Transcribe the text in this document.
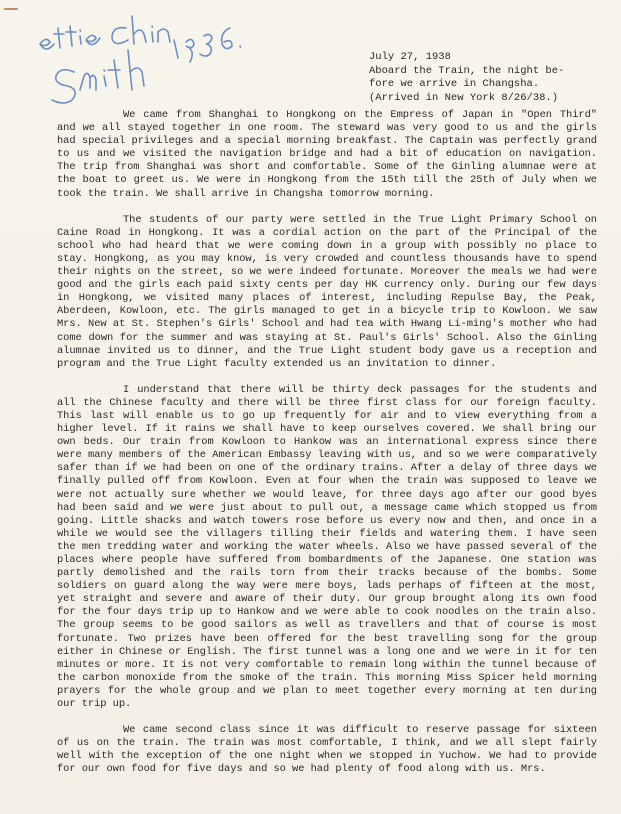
July 27, 1938
Aboard the Train, the night be-
fore we arrive in Changsha.
(Arrived in New York 8/26/38.)

We came from Shanghai to Hongkong on the Empress of Japan in "Open Third" and we all stayed together in one room. The steward was very good to us and the girls had special privileges and a special morning breakfast. The Captain was perfectly grand to us and we visited the navigation bridge and had a bit of education on navigation. The trip from Shanghai was short and comfortable. Some of the Ginling alumnae were at the boat to greet us. We were in Hongkong from the 15th till the 25th of July when we took the train. We shall arrive in Changsha tomorrow morning.

The students of our party were settled in the True Light Primary School on Caine Road in Hongkong. It was a cordial action on the part of the Principal of the school who had heard that we were coming down in a group with possibly no place to stay. Hongkong, as you may know, is very crowded and countless thousands have to spend their nights on the street, so we were indeed fortunate. Moreover the meals we had were good and the girls each paid sixty cents per day HK currency only. During our few days in Hongkong, we visited many places of interest, including Repulse Bay, the Peak, Aberdeen, Kowloon, etc. The girls managed to get in a bicycle trip to Kowloon. We saw Mrs. New at St. Stephen's Girls' School and had tea with Hwang Li-ming's mother who had come down for the summer and was staying at St. Paul's Girls' School. Also the Ginling alumnae invited us to dinner, and the True Light student body gave us a reception and program and the True Light faculty extended us an invitation to dinner.

I understand that there will be thirty deck passages for the students and all the Chinese faculty and there will be three first class for our foreign faculty. This last will enable us to go up frequently for air and to view everything from a higher level. If it rains we shall have to keep ourselves covered. We shall bring our own beds. Our train from Kowloon to Hankow was an international express since there were many members of the American Embassy leaving with us, and so we were comparatively safer than if we had been on one of the ordinary trains. After a delay of three days we finally pulled off from Kowloon. Even at four when the train was supposed to leave we were not actually sure whether we would leave, for three days ago after our good byes had been said and we were just about to pull out, a message came which stopped us from going. Little shacks and watch towers rose before us every now and then, and once in a while we would see the villagers tilling their fields and watering them. I have seen the men tredding water and working the water wheels. Also we have passed several of the places where people have suffered from bombardments of the Japanese. One station was partly demolished and the rails torn from their tracks because of the bombs. Some soldiers on guard along the way were mere boys, lads perhaps of fifteen at the most, yet straight and severe and aware of their duty. Our group brought along its own food for the four days trip up to Hankow and we were able to cook noodles on the train also. The group seems to be good sailors as well as travellers and that of course is most fortunate. Two prizes have been offered for the best travelling song for the group either in Chinese or English. The first tunnel was a long one and we were in it for ten minutes or more. It is not very comfortable to remain long within the tunnel because of the carbon monoxide from the smoke of the train. This morning Miss Spicer held morning prayers for the whole group and we plan to meet together every morning at ten during our trip up.

We came second class since it was difficult to reserve passage for sixteen of us on the train. The train was most comfortable, I think, and we all slept fairly well with the exception of the one night when we stopped in Yuchow. We had to provide for our own food for five days and so we had plenty of food along with us. Mrs.
